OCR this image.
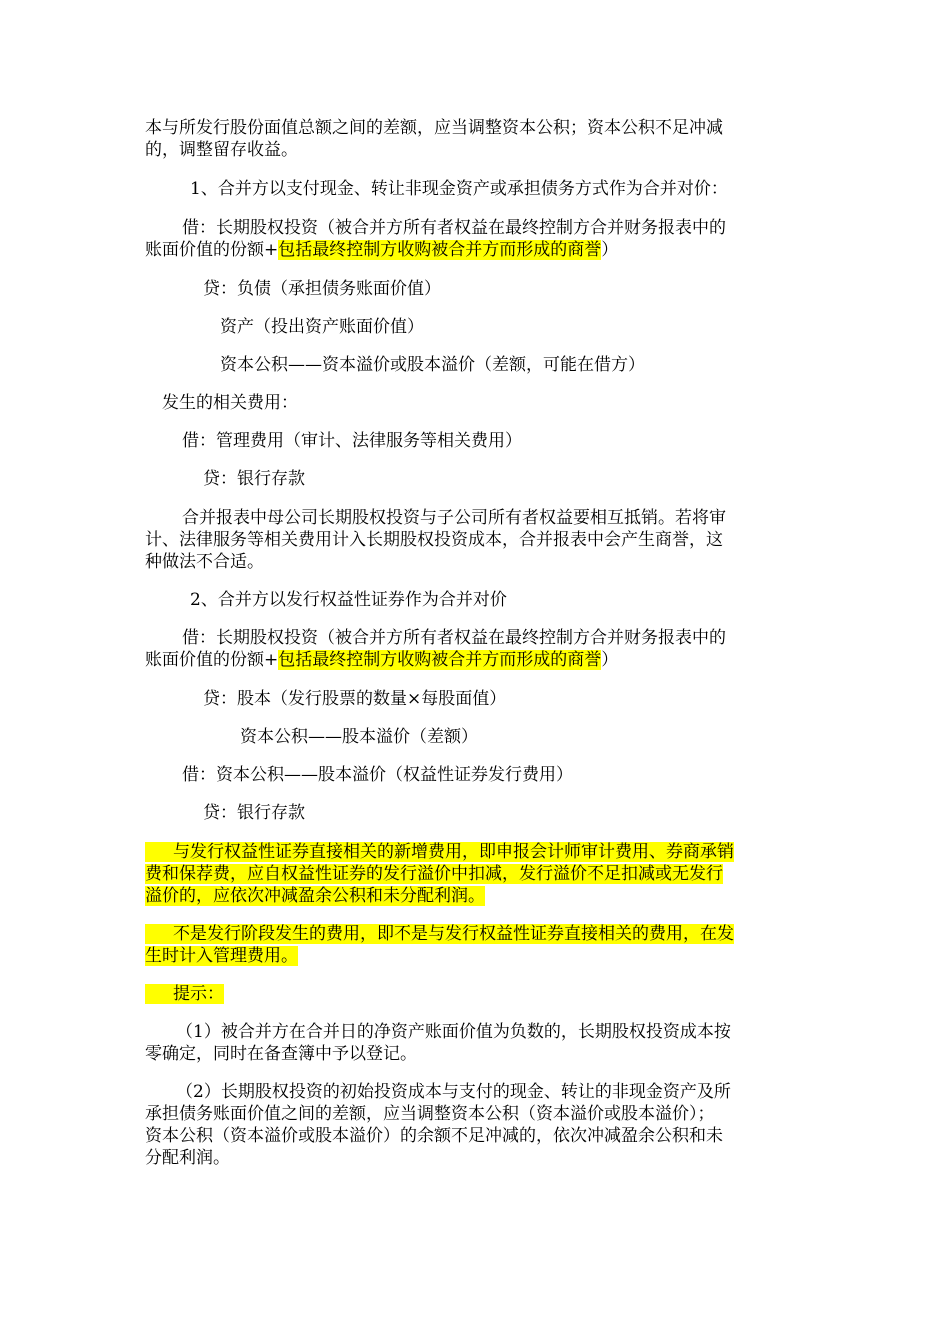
本与所发行股份面值总额之间的差额，应当调整资本公积；资本公积不足冲减
的，调整留存收益。
1、合并方以支付现金、转让非现金资产或承担债务方式作为合并对价：
借：长期股权投资（被合并方所有者权益在最终控制方合并财务报表中的
账面价值的份额+包括最终控制方收购被合并方而形成的商誉）
贷：负债（承担债务账面价值）
资产（投出资产账面价值）
资本公积——资本溢价或股本溢价（差额，可能在借方）
发生的相关费用：
借：管理费用（审计、法律服务等相关费用）
贷：银行存款
合并报表中母公司长期股权投资与子公司所有者权益要相互抵销。若将审
计、法律服务等相关费用计入长期股权投资成本，合并报表中会产生商誉，这
种做法不合适。
2、合并方以发行权益性证券作为合并对价
借：长期股权投资（被合并方所有者权益在最终控制方合并财务报表中的
账面价值的份额+包括最终控制方收购被合并方而形成的商誉）
贷：股本（发行股票的数量×每股面值）
资本公积——股本溢价（差额）
借：资本公积——股本溢价（权益性证券发行费用）
贷：银行存款
与发行权益性证券直接相关的新增费用，即申报会计师审计费用、券商承销
费和保荐费，应自权益性证券的发行溢价中扣减，发行溢价不足扣减或无发行
溢价的，应依次冲减盈余公积和未分配利润。
不是发行阶段发生的费用，即不是与发行权益性证券直接相关的费用，在发
生时计入管理费用。
提示：
（1）被合并方在合并日的净资产账面价值为负数的，长期股权投资成本按
零确定，同时在备查簿中予以登记。
（2）长期股权投资的初始投资成本与支付的现金、转让的非现金资产及所
承担债务账面价值之间的差额，应当调整资本公积（资本溢价或股本溢价）；
资本公积（资本溢价或股本溢价）的余额不足冲减的，依次冲减盈余公积和未
分配利润。
